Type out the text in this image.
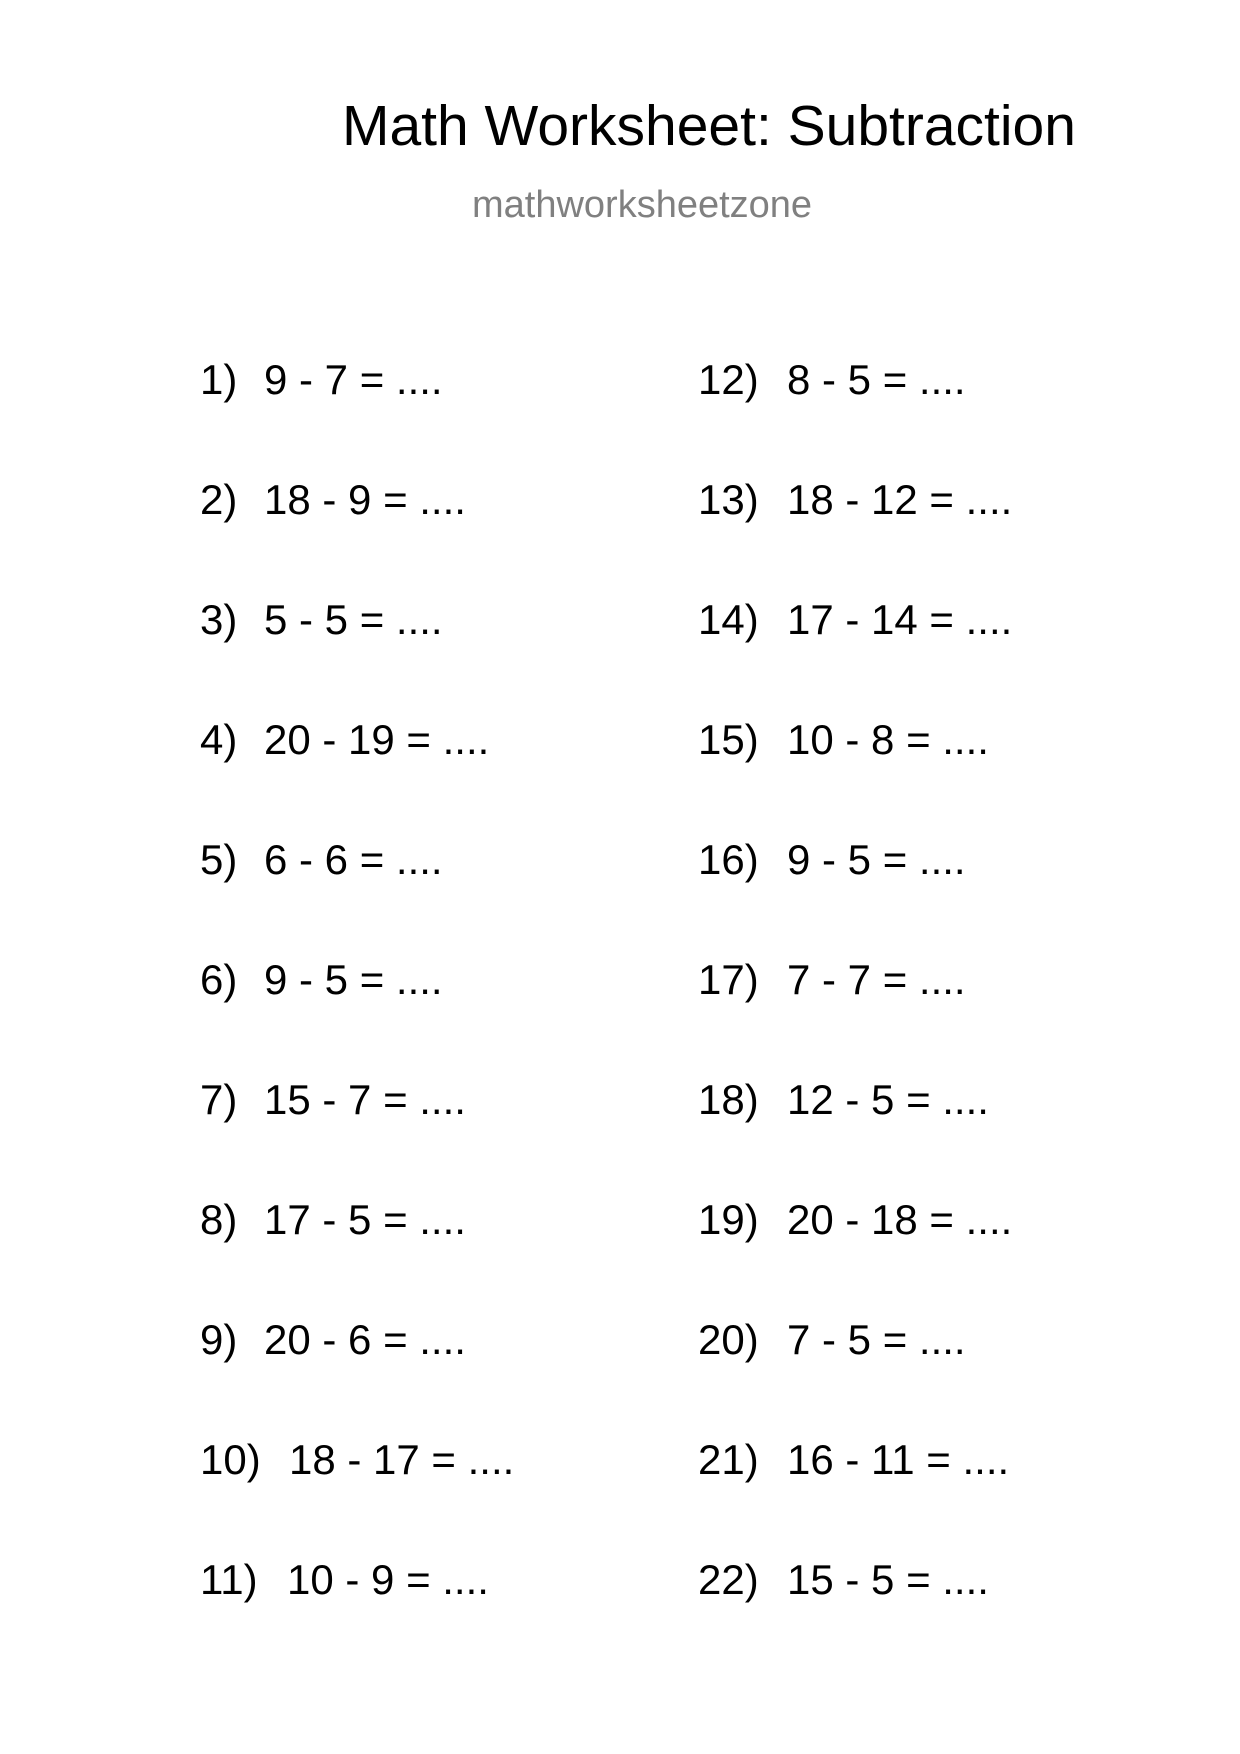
Math Worksheet: Subtraction
mathworksheetzone
1) 9 - 7 = ....
2) 18 - 9 = ....
3) 5 - 5 = ....
4) 20 - 19 = ....
5) 6 - 6 = ....
6) 9 - 5 = ....
7) 15 - 7 = ....
8) 17 - 5 = ....
9) 20 - 6 = ....
10) 18 - 17 = ....
11) 10 - 9 = ....
12) 8 - 5 = ....
13) 18 - 12 = ....
14) 17 - 14 = ....
15) 10 - 8 = ....
16) 9 - 5 = ....
17) 7 - 7 = ....
18) 12 - 5 = ....
19) 20 - 18 = ....
20) 7 - 5 = ....
21) 16 - 11 = ....
22) 15 - 5 = ....
